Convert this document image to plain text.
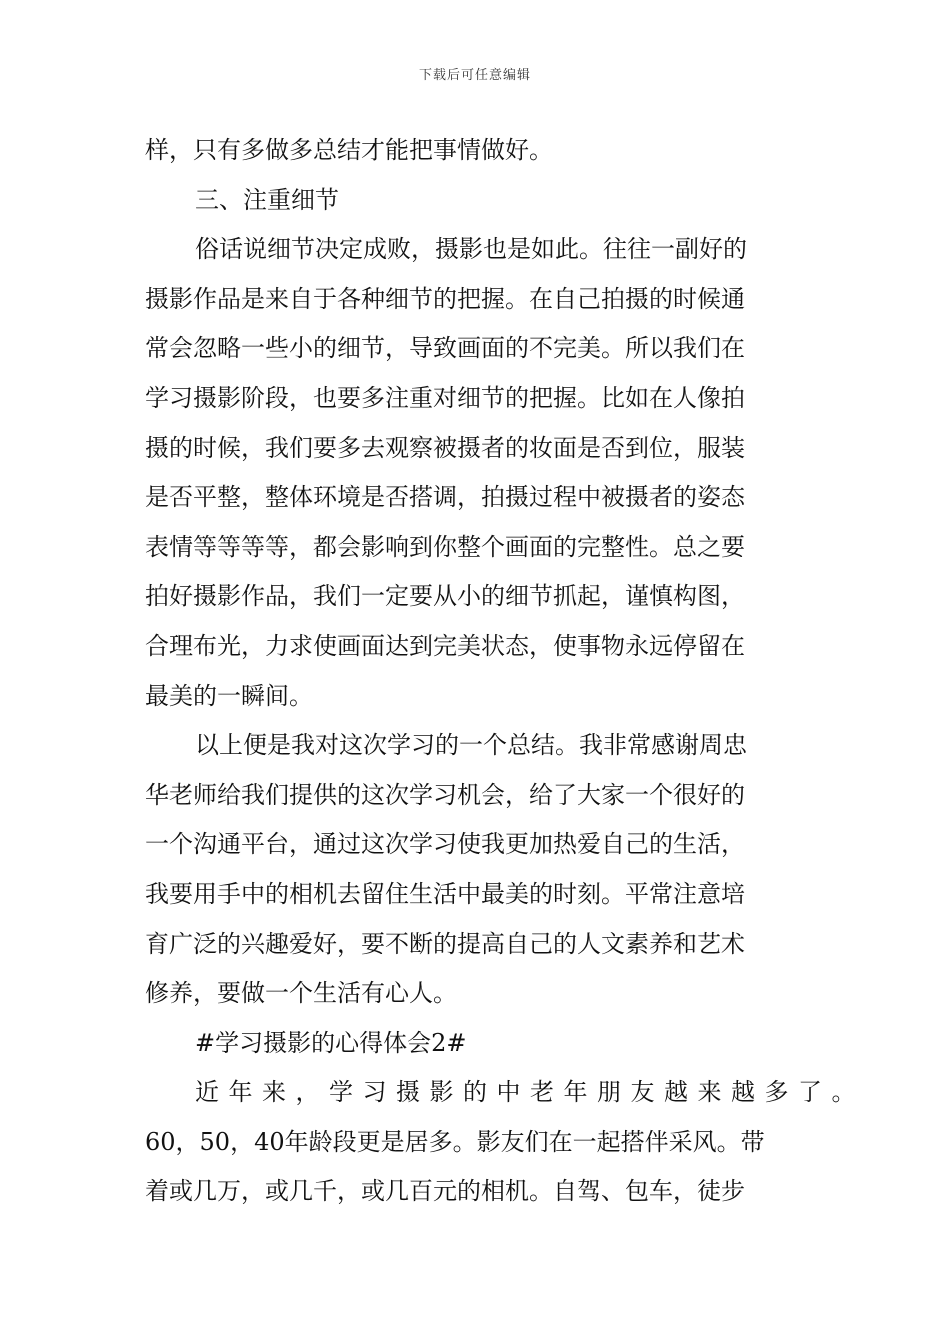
下载后可任意编辑
样，只有多做多总结才能把事情做好。
三、注重细节
俗话说细节决定成败，摄影也是如此。往往一副好的
摄影作品是来自于各种细节的把握。在自己拍摄的时候通
常会忽略一些小的细节，导致画面的不完美。所以我们在
学习摄影阶段，也要多注重对细节的把握。比如在人像拍
摄的时候，我们要多去观察被摄者的妆面是否到位，服装
是否平整，整体环境是否搭调，拍摄过程中被摄者的姿态
表情等等等等，都会影响到你整个画面的完整性。总之要
拍好摄影作品，我们一定要从小的细节抓起，谨慎构图，
合理布光，力求使画面达到完美状态，使事物永远停留在
最美的一瞬间。
以上便是我对这次学习的一个总结。我非常感谢周忠
华老师给我们提供的这次学习机会，给了大家一个很好的
一个沟通平台，通过这次学习使我更加热爱自己的生活，
我要用手中的相机去留住生活中最美的时刻。平常注意培
育广泛的兴趣爱好，要不断的提高自己的人文素养和艺术
修养，要做一个生活有心人。
#学习摄影的心得体会2#
近年来，学习摄影的中老年朋友越来越多了。
60，50，40年龄段更是居多。影友们在一起搭伴采风。带
着或几万，或几千，或几百元的相机。自驾、包车，徒步
